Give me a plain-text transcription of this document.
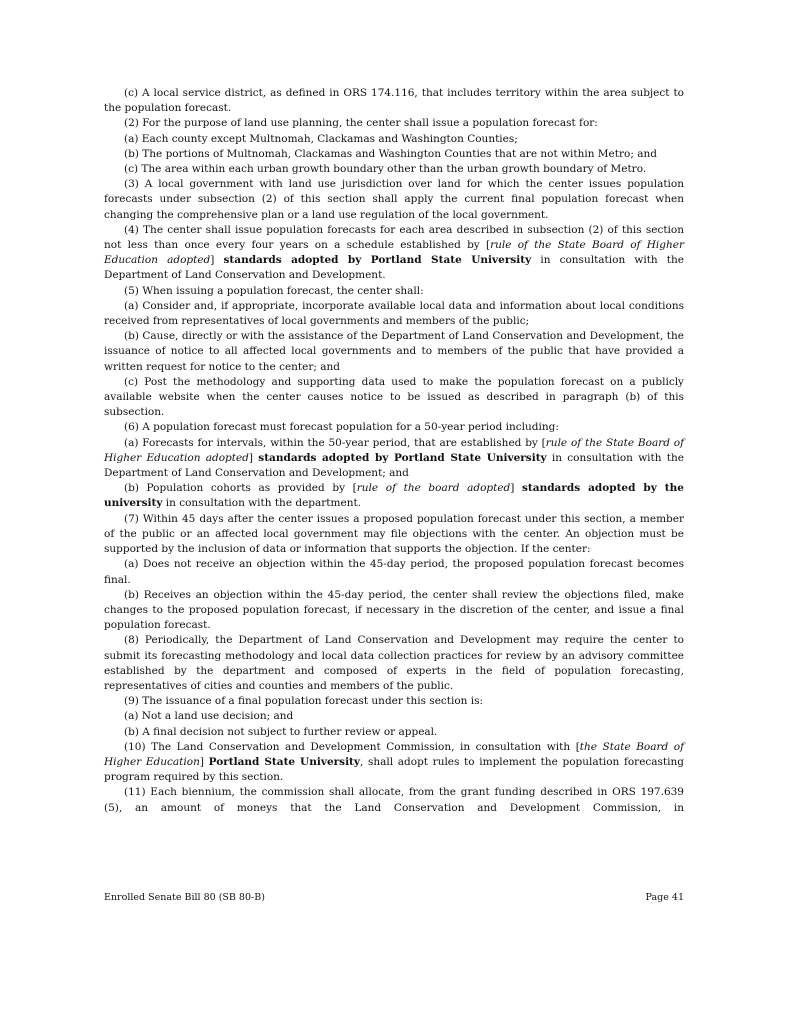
(c) A local service district, as defined in ORS 174.116, that includes territory within the area subject to the population forecast.

(2) For the purpose of land use planning, the center shall issue a population forecast for:

(a) Each county except Multnomah, Clackamas and Washington Counties;

(b) The portions of Multnomah, Clackamas and Washington Counties that are not within Metro; and

(c) The area within each urban growth boundary other than the urban growth boundary of Metro.

(3) A local government with land use jurisdiction over land for which the center issues population forecasts under subsection (2) of this section shall apply the current final population forecast when changing the comprehensive plan or a land use regulation of the local government.

(4) The center shall issue population forecasts for each area described in subsection (2) of this section not less than once every four years on a schedule established by [rule of the State Board of Higher Education adopted] standards adopted by Portland State University in consultation with the Department of Land Conservation and Development.

(5) When issuing a population forecast, the center shall:

(a) Consider and, if appropriate, incorporate available local data and information about local conditions received from representatives of local governments and members of the public;

(b) Cause, directly or with the assistance of the Department of Land Conservation and Development, the issuance of notice to all affected local governments and to members of the public that have provided a written request for notice to the center; and

(c) Post the methodology and supporting data used to make the population forecast on a publicly available website when the center causes notice to be issued as described in paragraph (b) of this subsection.

(6) A population forecast must forecast population for a 50-year period including:

(a) Forecasts for intervals, within the 50-year period, that are established by [rule of the State Board of Higher Education adopted] standards adopted by Portland State University in consultation with the Department of Land Conservation and Development; and

(b) Population cohorts as provided by [rule of the board adopted] standards adopted by the university in consultation with the department.

(7) Within 45 days after the center issues a proposed population forecast under this section, a member of the public or an affected local government may file objections with the center. An objection must be supported by the inclusion of data or information that supports the objection. If the center:

(a) Does not receive an objection within the 45-day period, the proposed population forecast becomes final.

(b) Receives an objection within the 45-day period, the center shall review the objections filed, make changes to the proposed population forecast, if necessary in the discretion of the center, and issue a final population forecast.

(8) Periodically, the Department of Land Conservation and Development may require the center to submit its forecasting methodology and local data collection practices for review by an advisory committee established by the department and composed of experts in the field of population forecasting, representatives of cities and counties and members of the public.

(9) The issuance of a final population forecast under this section is:

(a) Not a land use decision; and

(b) A final decision not subject to further review or appeal.

(10) The Land Conservation and Development Commission, in consultation with [the State Board of Higher Education] Portland State University, shall adopt rules to implement the population forecasting program required by this section.

(11) Each biennium, the commission shall allocate, from the grant funding described in ORS 197.639 (5), an amount of moneys that the Land Conservation and Development Commission, in

Enrolled Senate Bill 80 (SB 80-B)	Page 41
